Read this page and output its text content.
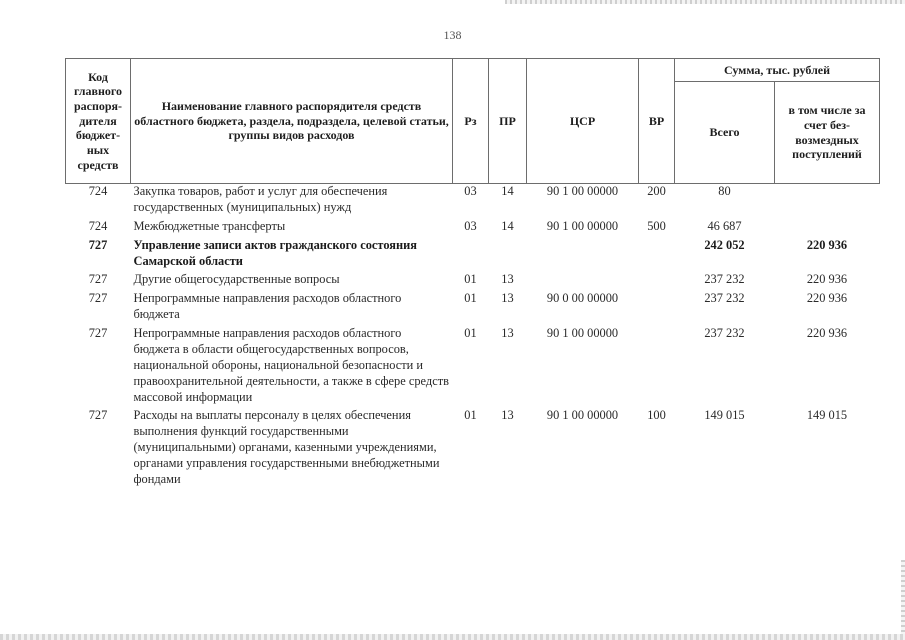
138
Код главного распоря-дителя бюджет-ных средств	Наименование главного распорядителя средств областного бюджета, раздела, подраздела, целевой статьи, группы видов расходов	Рз	ПР	ЦСР	ВР	Сумма, тыс. рублей	
						Всего	в том числе за счет без-возмездных поступлений
724	Закупка товаров, работ и услуг для обеспечения государственных (муниципальных) нужд	03	14	90 1 00 00000	200	80	
724	Межбюджетные трансферты	03	14	90 1 00 00000	500	46 687	
727	Управление записи актов гражданского состояния Самарской области					242 052	220 936
727	Другие общегосударственные вопросы	01	13			237 232	220 936
727	Непрограммные направления расходов областного бюджета	01	13	90 0 00 00000		237 232	220 936
727	Непрограммные направления расходов областного бюджета в области общегосударственных вопросов, национальной обороны, национальной безопасности и правоохранительной деятельности, а также в сфере средств массовой информации	01	13	90 1 00 00000		237 232	220 936
727	Расходы на выплаты персоналу в целях обеспечения выполнения функций государственными (муниципальными) органами, казенными учреждениями, органами управления государственными внебюджетными фондами	01	13	90 1 00 00000	100	149 015	149 015
